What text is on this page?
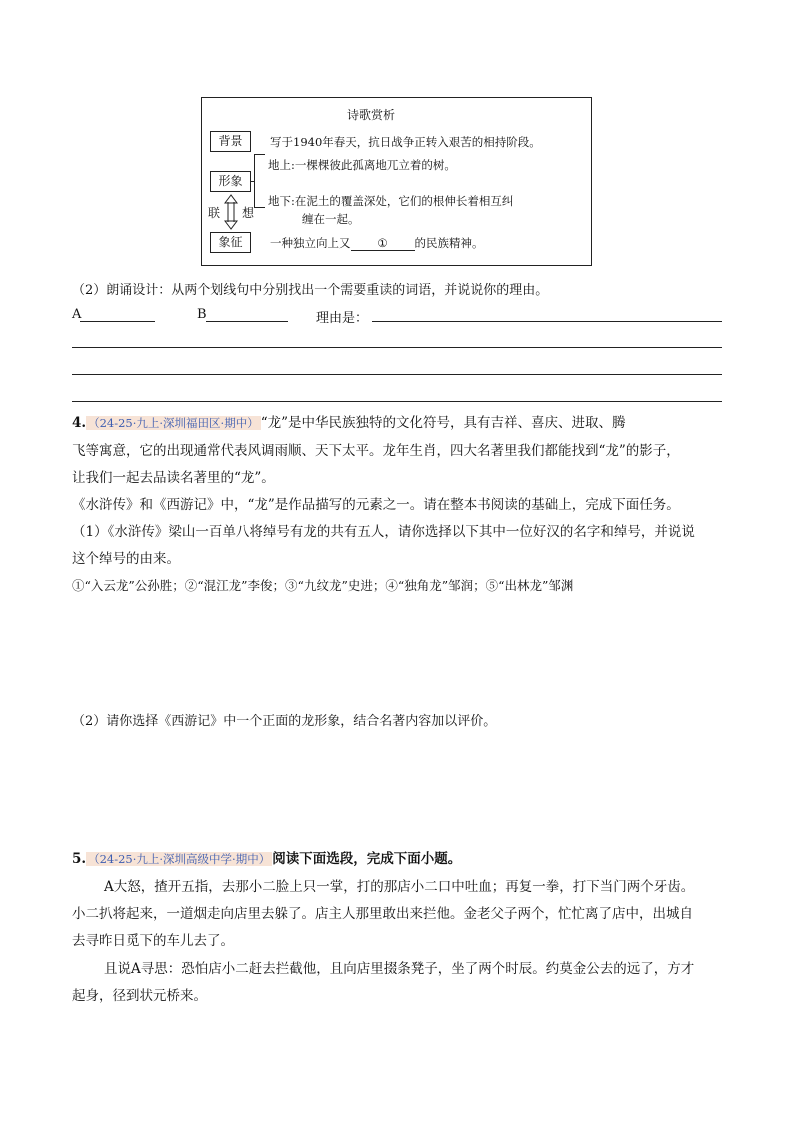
诗歌赏析
背景	写于1940年春天，抗日战争正转入艰苦的相持阶段。
形象
地上:一棵棵彼此孤离地兀立着的树。
地下:在泥土的覆盖深处，它们的根伸长着相互纠
缠在一起。
联 想
象征	一种独立向上又 ① 的民族精神。
（2）朗诵设计：从两个划线句中分别找出一个需要重读的词语，并说说你的理由。
A	B	理由是：
4. （24-25·九上·深圳福田区·期中） “龙”是中华民族独特的文化符号，具有吉祥、喜庆、进取、腾
飞等寓意，它的出现通常代表风调雨顺、天下太平。龙年生肖，四大名著里我们都能找到“龙”的影子，
让我们一起去品读名著里的“龙”。
《水浒传》和《西游记》中，“龙”是作品描写的元素之一。请在整本书阅读的基础上，完成下面任务。
（1）《水浒传》梁山一百单八将绰号有龙的共有五人，请你选择以下其中一位好汉的名字和绰号，并说说
这个绰号的由来。
①“入云龙”公孙胜；②“混江龙”李俊；③“九纹龙”史进；④“独角龙”邹润；⑤“出林龙”邹渊
（2）请你选择《西游记》中一个正面的龙形象，结合名著内容加以评价。
5. （24-25·九上·深圳高级中学·期中） 阅读下面选段，完成下面小题。
A大怒，揸开五指，去那小二脸上只一掌，打的那店小二口中吐血；再复一拳，打下当门两个牙齿。
小二扒将起来，一道烟走向店里去躲了。店主人那里敢出来拦他。金老父子两个，忙忙离了店中，出城自
去寻昨日觅下的车儿去了。
且说A寻思：恐怕店小二赶去拦截他，且向店里掇条凳子，坐了两个时辰。约莫金公去的远了，方才
起身，径到状元桥来。
